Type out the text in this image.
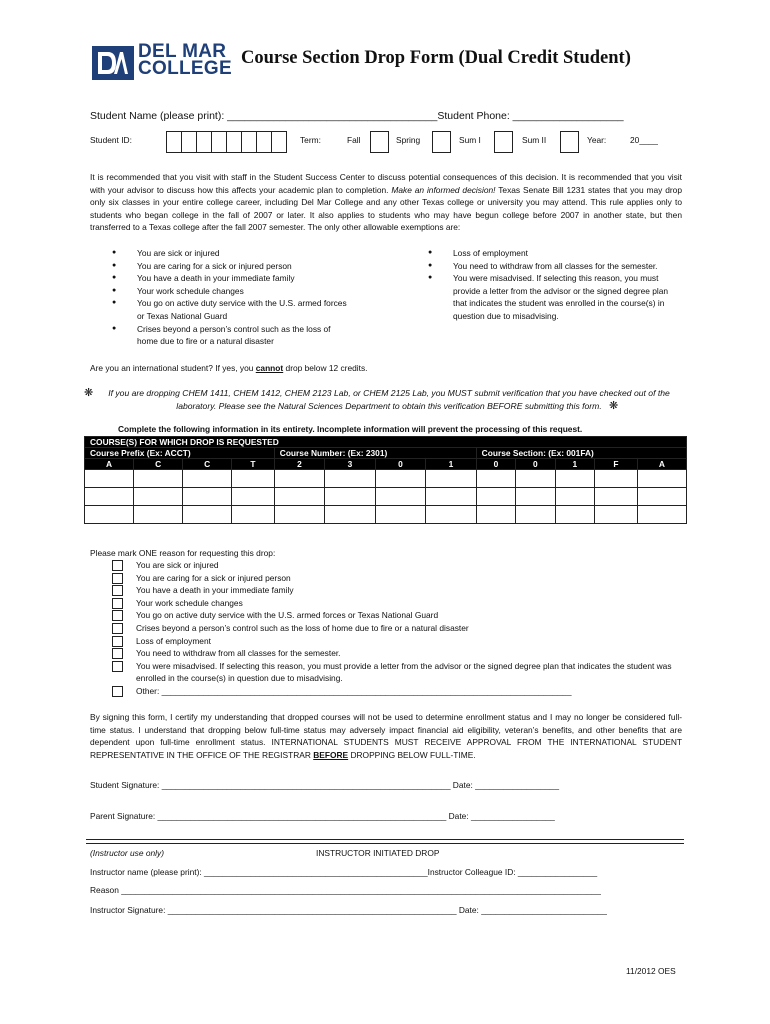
DEL MAR
COLLEGE Course Section Drop Form (Dual Credit Student)
Student Name (please print): ____________________________________Student Phone: ___________________
Student ID:	Term:	Fall	Spring	Sum I	Sum II	Year:	20____
It is recommended that you visit with staff in the Student Success Center to discuss potential consequences of this decision. It is recommended that you visit with your advisor to discuss how this affects your academic plan to completion. Make an informed decision! Texas Senate Bill 1231 states that you may drop only six classes in your entire college career, including Del Mar College and any other Texas college or university you may attend. This rule applies only to students who began college in the fall of 2007 or later. It also applies to students who may have begun college before 2007 in another state, but then transferred to a Texas college after the fall 2007 semester. The only other allowable exemptions are:
● You are sick or injured
● You are caring for a sick or injured person
● You have a death in your immediate family
● Your work schedule changes
● You go on active duty service with the U.S. armed forces or Texas National Guard
● Crises beyond a person’s control such as the loss of home due to fire or a natural disaster
● Loss of employment
● You need to withdraw from all classes for the semester.
● You were misadvised. If selecting this reason, you must provide a letter from the advisor or the signed degree plan that indicates the student was enrolled in the course(s) in question due to misadvising.
Are you an international student? If yes, you cannot drop below 12 credits.
❋	If you are dropping CHEM 1411, CHEM 1412, CHEM 2123 Lab, or CHEM 2125 Lab, you MUST submit verification that you have checked out of the
laboratory. Please see the Natural Sciences Department to obtain this verification BEFORE submitting this form. ❋
Complete the following information in its entirety. Incomplete information will prevent the processing of this request.
COURSE(S) FOR WHICH DROP IS REQUESTED												
Course Prefix (Ex: ACCT)				Course Number: (Ex: 2301)				Course Section: (Ex: 001FA)				
A	C	C	T	2	3	0	1	0	0	1	F	A

Please mark ONE reason for requesting this drop:
You are sick or injured
You are caring for a sick or injured person
You have a death in your immediate family
Your work schedule changes
You go on active duty service with the U.S. armed forces or Texas National Guard
Crises beyond a person’s control such as the loss of home due to fire or a natural disaster
Loss of employment
You need to withdraw from all classes for the semester.
You were misadvised. If selecting this reason, you must provide a letter from the advisor or the signed degree plan that indicates the student was enrolled in the course(s) in question due to misadvising.
Other: ________________________________________________________________________________________
By signing this form, I certify my understanding that dropped courses will not be used to determine enrollment status and I may no longer be considered full-time status. I understand that dropping below full-time status may adversely impact financial aid eligibility, veteran’s benefits, and other benefits that are dependent upon full-time enrollment status. INTERNATIONAL STUDENTS MUST RECEIVE APPROVAL FROM THE INTERNATIONAL STUDENT REPRESENTATIVE IN THE OFFICE OF THE REGISTRAR BEFORE DROPPING BELOW FULL-TIME.
Student Signature: ______________________________________________________________ Date: __________________
Parent Signature: ______________________________________________________________ Date: __________________
(Instructor use only)	INSTRUCTOR INITIATED DROP
Instructor name (please print): ________________________________________________Instructor Colleague ID: _________________
Reason _______________________________________________________________________________________________________
Instructor Signature: ______________________________________________________________ Date: ___________________________
11/2012 OES
